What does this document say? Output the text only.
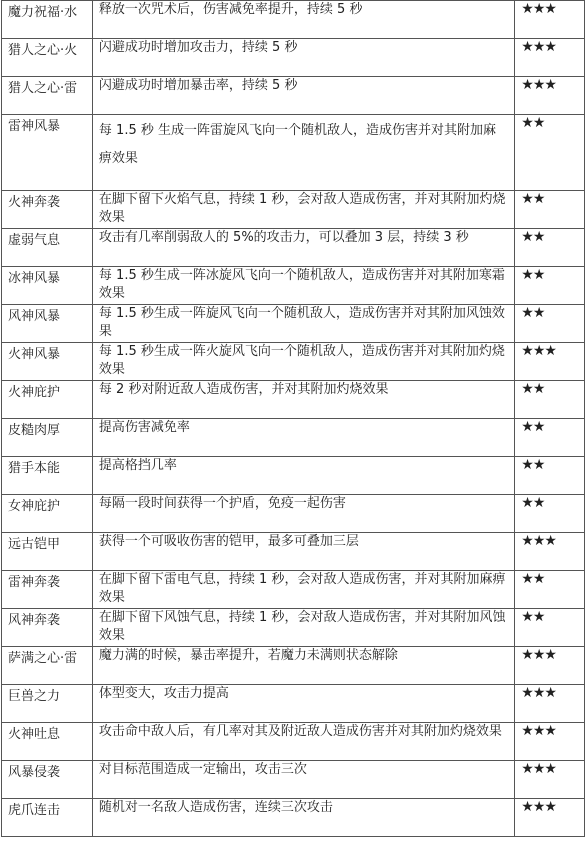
魔力祝福·水	释放一次咒术后，伤害减免率提升，持续 5 秒	★★★
猎人之心·火	闪避成功时增加攻击力，持续 5 秒	★★★
猎人之心·雷	闪避成功时增加暴击率，持续 5 秒	★★★
雷神风暴	每 1.5 秒 生成一阵雷旋风飞向一个随机敌人，造成伤害并对其附加麻痹效果	★★
火神奔袭	在脚下留下火焰气息，持续 1 秒，会对敌人造成伤害，并对其附加灼烧效果	★★
虚弱气息	攻击有几率削弱敌人的 5%的攻击力，可以叠加 3 层，持续 3 秒	★★
冰神风暴	每 1.5 秒生成一阵冰旋风飞向一个随机敌人，造成伤害并对其附加寒霜效果	★★
风神风暴	每 1.5 秒生成一阵旋风飞向一个随机敌人，造成伤害并对其附加风蚀效果	★★
火神风暴	每 1.5 秒生成一阵火旋风飞向一个随机敌人，造成伤害并对其附加灼烧效果	★★★
火神庇护	每 2 秒对附近敌人造成伤害，并对其附加灼烧效果	★★
皮糙肉厚	提高伤害减免率	★★
猎手本能	提高格挡几率	★★
女神庇护	每隔一段时间获得一个护盾，免疫一起伤害	★★
远古铠甲	获得一个可吸收伤害的铠甲，最多可叠加三层	★★★
雷神奔袭	在脚下留下雷电气息，持续 1 秒，会对敌人造成伤害，并对其附加麻痹效果	★★
风神奔袭	在脚下留下风蚀气息，持续 1 秒，会对敌人造成伤害，并对其附加风蚀效果	★★
萨满之心·雷	魔力满的时候，暴击率提升，若魔力未满则状态解除	★★★
巨兽之力	体型变大，攻击力提高	★★★
火神吐息	攻击命中敌人后，有几率对其及附近敌人造成伤害并对其附加灼烧效果	★★★
风暴侵袭	对目标范围造成一定输出，攻击三次	★★★
虎爪连击	随机对一名敌人造成伤害，连续三次攻击	★★★
